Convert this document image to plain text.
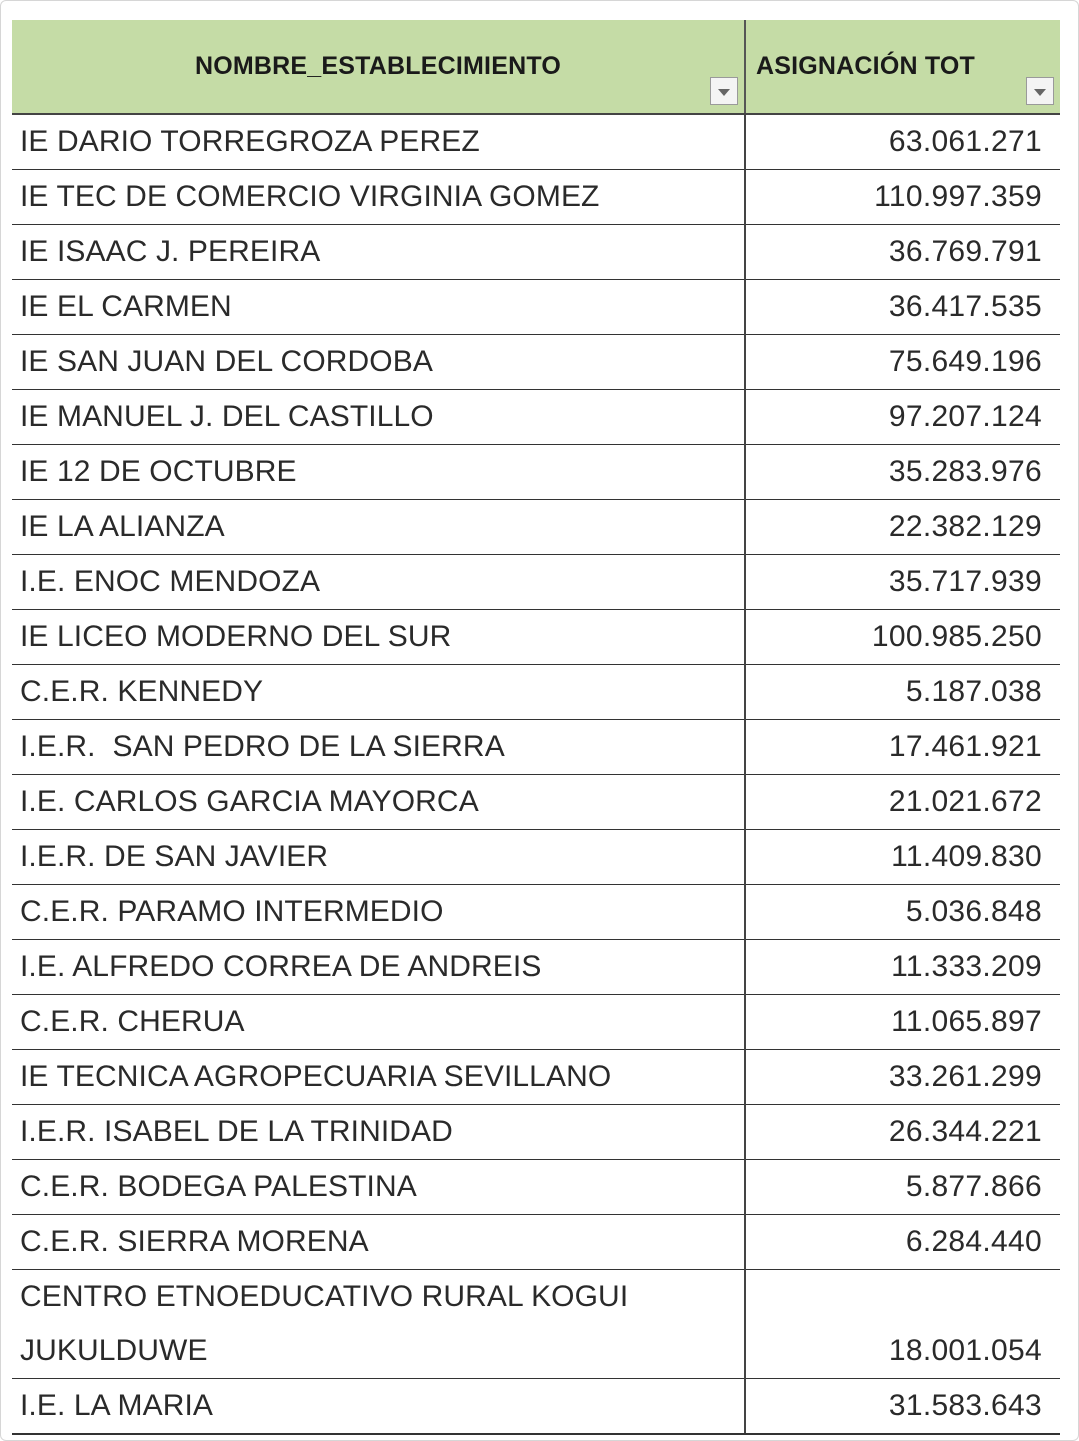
NOMBRE_ESTABLECIMIENTO	ASIGNACIÓN TOT

IE DARIO TORREGROZA PEREZ	63.061.271
IE TEC DE COMERCIO VIRGINIA GOMEZ	110.997.359
IE ISAAC J. PEREIRA	36.769.791
IE EL CARMEN	36.417.535
IE SAN JUAN DEL CORDOBA	75.649.196
IE MANUEL J. DEL CASTILLO	97.207.124
IE 12 DE OCTUBRE	35.283.976
IE LA ALIANZA	22.382.129
I.E. ENOC MENDOZA	35.717.939
IE LICEO MODERNO DEL SUR	100.985.250
C.E.R. KENNEDY	5.187.038
I.E.R.  SAN PEDRO DE LA SIERRA	17.461.921
I.E. CARLOS GARCIA MAYORCA	21.021.672
I.E.R. DE SAN JAVIER	11.409.830
C.E.R. PARAMO INTERMEDIO	5.036.848
I.E. ALFREDO CORREA DE ANDREIS	11.333.209
C.E.R. CHERUA	11.065.897
IE TECNICA AGROPECUARIA SEVILLANO	33.261.299
I.E.R. ISABEL DE LA TRINIDAD	26.344.221
C.E.R. BODEGA PALESTINA	5.877.866
C.E.R. SIERRA MORENA	6.284.440
CENTRO ETNOEDUCATIVO RURAL KOGUI JUKULDUWE	18.001.054
I.E. LA MARIA	31.583.643
